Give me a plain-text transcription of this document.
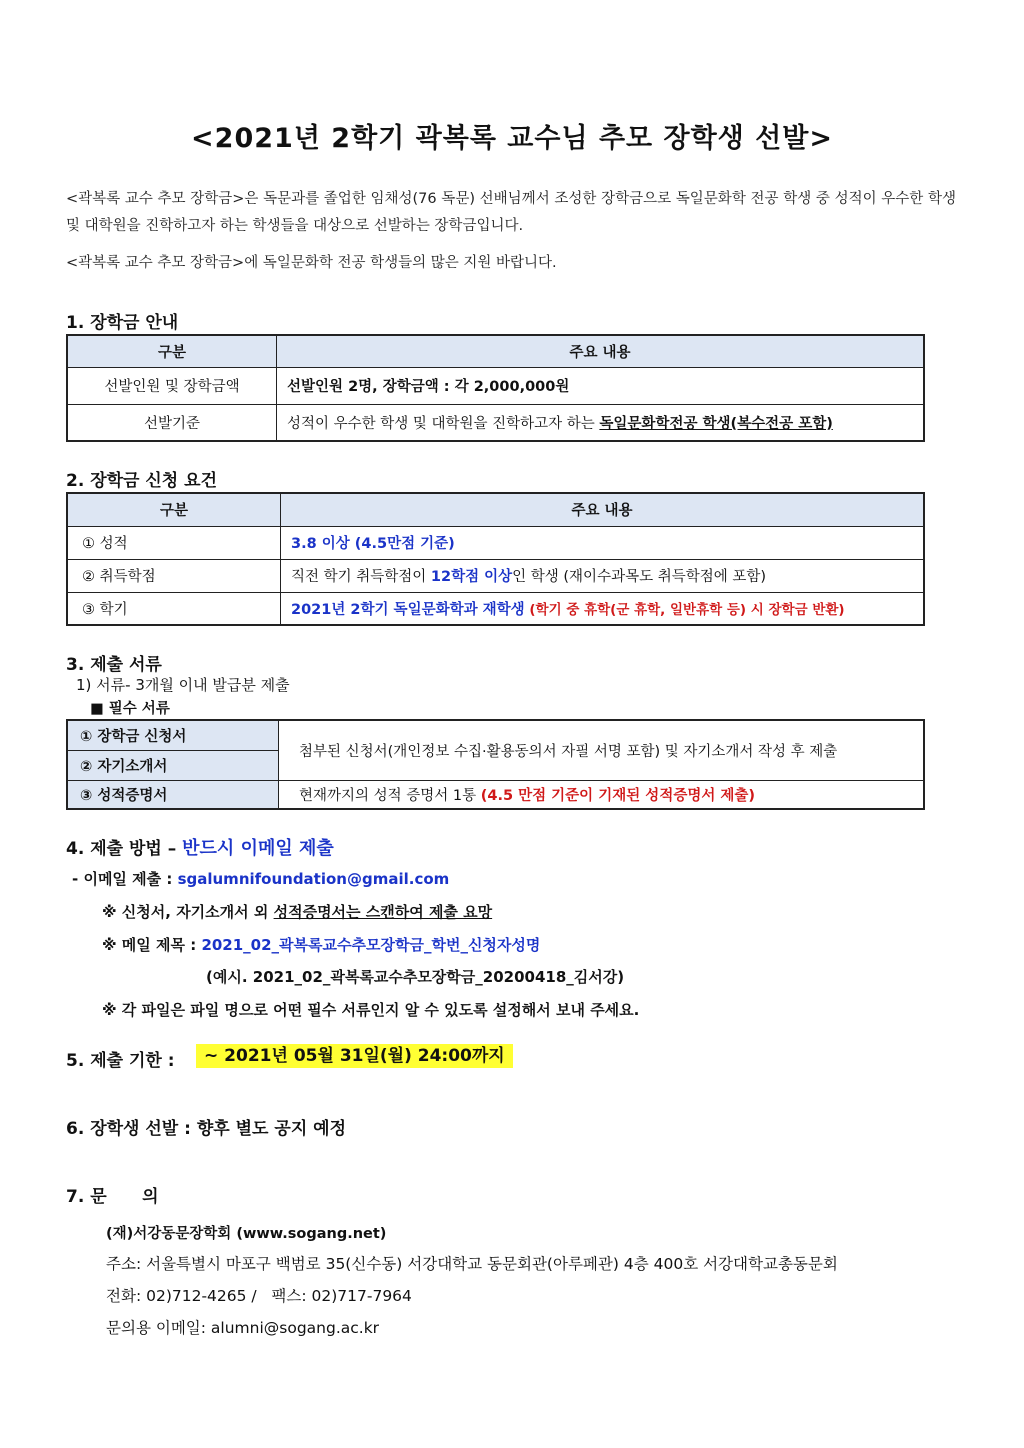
<2021년 2학기 곽복록 교수님 추모 장학생 선발>

<곽복록 교수 추모 장학금>은 독문과를 졸업한 임채성(76 독문) 선배님께서 조성한 장학금으로 독일문화학 전공 학생 중 성적이 우수한 학생 및 대학원을 진학하고자 하는 학생들을 대상으로 선발하는 장학금입니다.

<곽복록 교수 추모 장학금>에 독일문화학 전공 학생들의 많은 지원 바랍니다.

1. 장학금 안내
구분	주요 내용
선발인원 및 장학금액	선발인원 2명, 장학금액 : 각 2,000,000원
선발기준	성적이 우수한 학생 및 대학원을 진학하고자 하는 독일문화학전공 학생(복수전공 포함)
2. 장학금 신청 요건
구분	주요 내용
① 성적	3.8 이상 (4.5만점 기준)
② 취득학점	직전 학기 취득학점이 12학점 이상인 학생 (재이수과목도 취득학점에 포함)
③ 학기	2021년 2학기 독일문화학과 재학생 (학기 중 휴학(군 휴학, 일반휴학 등) 시 장학금 반환)
3. 제출 서류
1) 서류- 3개월 이내 발급분 제출
■ 필수 서류
① 장학금 신청서	첨부된 신청서(개인정보 수집·활용동의서 자필 서명 포함) 및 자기소개서 작성 후 제출
② 자기소개서	
③ 성적증명서	현재까지의 성적 증명서 1통 (4.5 만점 기준이 기재된 성적증명서 제출)
4. 제출 방법 – 반드시 이메일 제출
- 이메일 제출 : sgalumnifoundation@gmail.com
※ 신청서, 자기소개서 외 성적증명서는 스캔하여 제출 요망
※ 메일 제목 : 2021_02_곽복록교수추모장학금_학번_신청자성명
(예시. 2021_02_곽복록교수추모장학금_20200418_김서강)
※ 각 파일은 파일 명으로 어떤 필수 서류인지 알 수 있도록 설정해서 보내 주세요.
5. 제출 기한 :	~ 2021년 05월 31일(월) 24:00까지
6. 장학생 선발 : 향후 별도 공지 예정
7. 문      의
(재)서강동문장학회 (www.sogang.net)
주소: 서울특별시 마포구 백범로 35(신수동) 서강대학교 동문회관(아루페관) 4층 400호 서강대학교총동문회
전화: 02)712-4265 /   팩스: 02)717-7964
문의용 이메일: alumni@sogang.ac.kr
